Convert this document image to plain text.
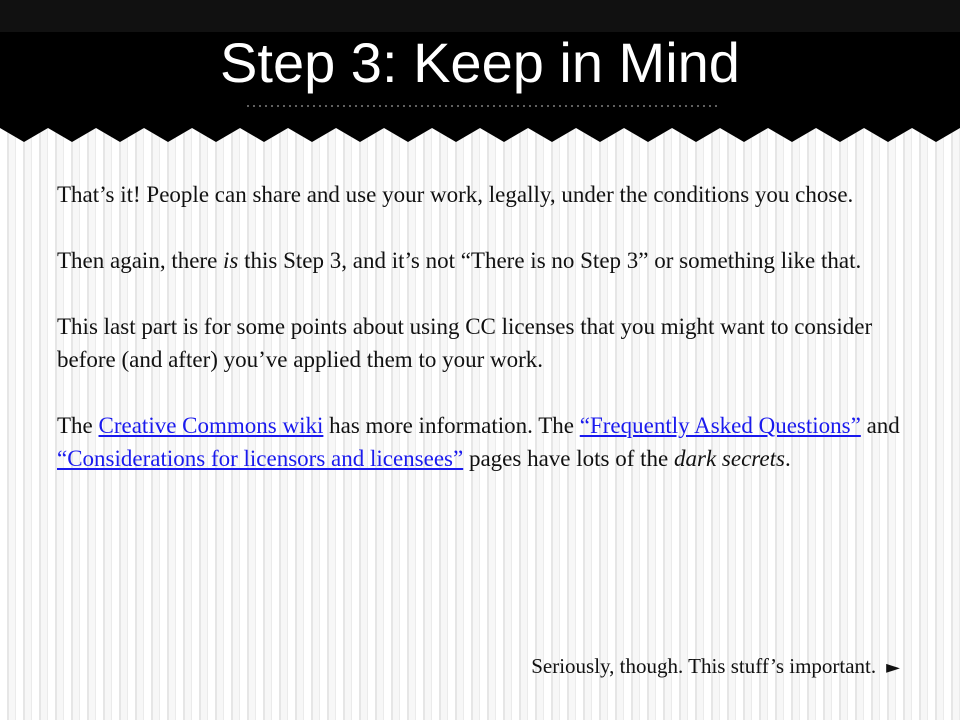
Step 3: Keep in Mind

That’s it! People can share and use your work, legally, under the conditions you chose.

Then again, there is this Step 3, and it’s not “There is no Step 3” or something like that.

This last part is for some points about using CC licenses that you might want to consider before (and after) you’ve applied them to your work.

The Creative Commons wiki has more information. The “Frequently Asked Questions” and “Considerations for licensors and licensees” pages have lots of the dark secrets.

Seriously, though. This stuff’s important. ►
